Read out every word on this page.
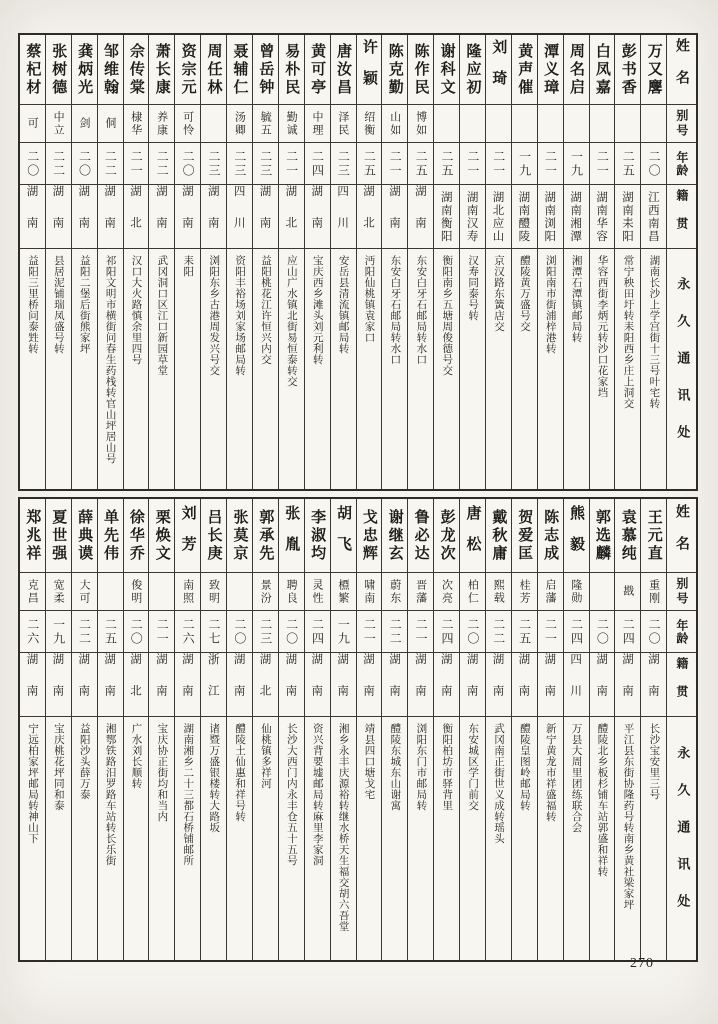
蔡杞材
可
二〇
湖南
益阳三里桥问泰甡转
张树德
中立
二二
湖南
县居泥铺瑞凤盛号转
龚炳光
剑
二〇
湖南
益阳二堡后街熊家坪
邹维翰
侗
二二
湖南
祁阳文明市横街问春生药栈转官山坪居山号
佘传棠
棣华
二一
湖北
汉口大火路慎余里四号
萧长康
养康
二二
湖南
武冈洞口区江口新园草堂
资宗元
可怜
二〇
湖南
耒阳
周任林
二三
湖南
浏阳东乡古港周发兴号交
聂辅仁
汤卿
二三
四川
资阳丰裕场刘家场邮局转
曾岳钟
毓五
二三
湖南
益阳桃花江许恒兴内交
易朴民
勤诚
二一
湖北
应山广水镇北街易恒泰转交
黄可亭
中理
二四
湖南
宝庆西乡滩头刘元利转
唐汝昌
泽民
二三
四川
安岳县清流镇邮局转
许颖
绍衡
二五
湖北
沔阳仙桃镇袁家口
陈克勤
山如
二一
湖南
东安白牙石邮局转水口
陈作民
博如
二五
湖南
东安白牙石邮局转水口
谢科文
二五
湖南衡阳
衡阳南乡五塘周俊德号交
隆应初
二一
湖南汉寿
汉寿同泰号转
刘琦
二一
湖北应山
京汉路东簧店交
黄声催
一九
湖南醴陵
醴陵黄万盛号交
潭义璋
二一
湖南浏阳
浏阳南市街浦梓港转
周名启
一九
湖南湘潭
湘潭石潭镇邮局转
白凤嘉
二一
湖南华容
华容西街李炳元转沙口花家垱
彭书香
二五
湖南耒阳
常宁秧田圩转耒阳西乡庄上洞交
万又麐
二〇
江西南昌
湖南长沙上学宫街十三号叶宅转
姓名
别号
年龄
籍贯
永久通讯处
郑兆祥
克昌
二六
湖南
宁远柏家坪邮局转神山下
夏世强
宽柔
一九
湖南
宝庆桃花坪同和泰
薛典谟
大可
二二
湖南
益阳沙头薛万泰
单先伟
二五
湖南
湘鄂铁路汨罗路车站转长乐街
徐华乔
俊明
二〇
湖北
广水刘长顺转
栗焕文
二一
湖南
宝庆协正街均和当内
刘芳
南照
二六
湖南
湖南湘乡二十三都石桥铺邮所
吕长庚
致明
二七
浙江
诸暨万盛银楼转大路坂
张莫京
二〇
湖南
醴陵土仙惠和祥号转
郭承先
景汾
二三
湖北
仙桃镇多祥河
张胤
聘良
二〇
湖南
长沙大西门内永丰仓五十五号
李淑均
灵性
二四
湖南
资兴背要墟邮局转麻里李家洞
胡飞
槱繁
一九
湖南
湘乡永丰庆源裕转继水桥天生福交胡六吾堂
戈忠辉
啸南
二一
湖南
靖县四口塘戈宅
谢继玄
蔚东
二二
湖南
醴陵东城东山谢寓
鲁必达
晋藩
二一
湖南
浏阳东门市邮局转
彭龙次
次亮
二四
湖南
衡阳柏坊市驿背里
唐松
柏仁
二〇
湖南
东安城区学门前交
戴秋庸
熙载
二二
湖南
武冈南正街世义成转瑶头
贺爱匡
桂芳
二五
湖南
醴陵皇图岭邮局转
陈志成
启藩
二一
湖南
新宁黄龙市祥盛福转
熊毅
隆勋
二四
四川
万县大周里团练联合会
郭选麟
二〇
湖南
醴陵北乡板杉铺车站郭盛和祥转
袁慕纯
戡
二四
湖南
平江县东街协隆药号转南乡黄社梁家坪
王元直
重刚
二〇
湖南
长沙宝安里三号
姓名
别号
年龄
籍贯
永久通讯处
270
